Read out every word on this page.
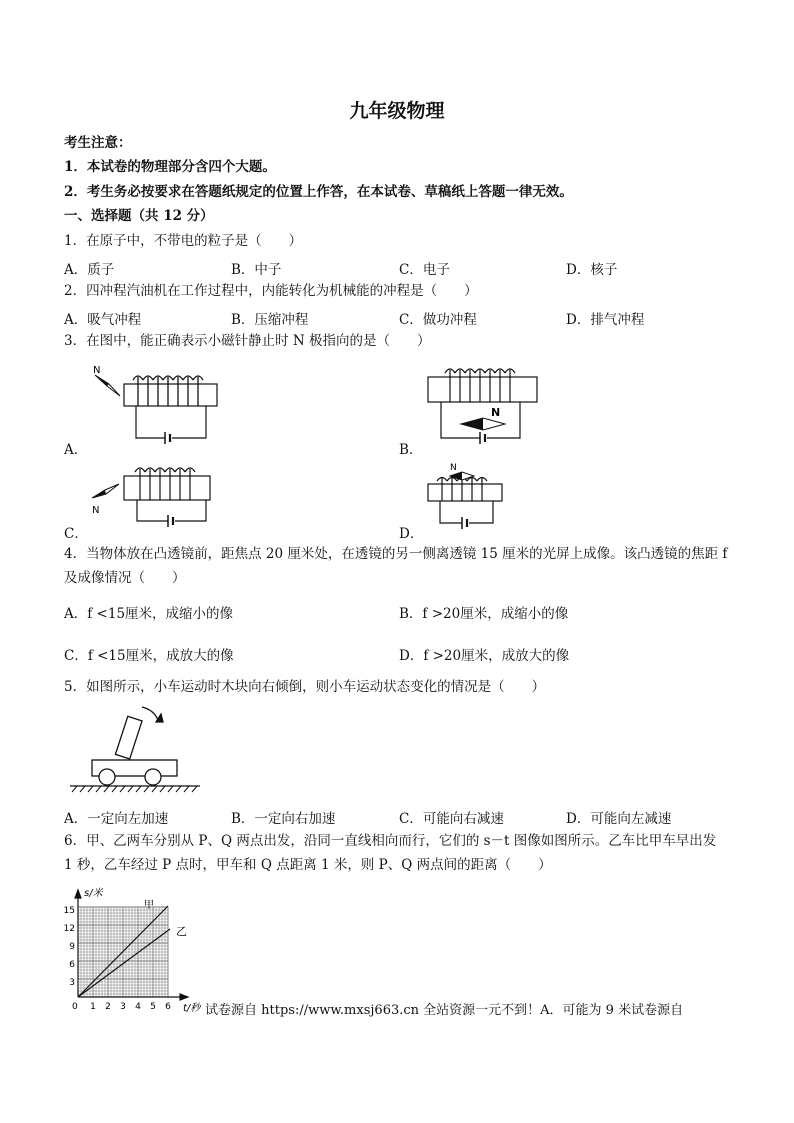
九年级物理
考生注意：
1．本试卷的物理部分含四个大题。
2．考生务必按要求在答题纸规定的位置上作答，在本试卷、草稿纸上答题一律无效。
一、选择题（共 12 分）
1．在原子中，不带电的粒子是（　　）
A．质子	B．中子	C．电子	D．核子
2．四冲程汽油机在工作过程中，内能转化为机械能的冲程是（　　）
A．吸气冲程	B．压缩冲程	C．做功冲程	D．排气冲程
3．在图中，能正确表示小磁针静止时 N 极指向的是（　　）
N
N
N
N
A．	B．
C．	D．
4．当物体放在凸透镜前，距焦点 20 厘米处，在透镜的另一侧离透镜 15 厘米的光屏上成像。该凸透镜的焦距 f
及成像情况（　　）
A．f <15厘米，成缩小的像	B．f >20厘米，成缩小的像
C．f <15厘米，成放大的像	D．f >20厘米，成放大的像
5．如图所示，小车运动时木块向右倾倒，则小车运动状态变化的情况是（　　）
A．一定向左加速	B．一定向右加速	C．可能向右减速	D．可能向左减速
6．甲、乙两车分别从 P、Q 两点出发，沿同一直线相向而行，它们的 s－t 图像如图所示。乙车比甲车早出发
1 秒，乙车经过 P 点时，甲车和 Q 点距离 1 米，则 P、Q 两点间的距离（　　）
s/米
t/秒
0
3
6
9
12
15
1 2 3 4 5 6
甲
乙
试卷源自 https://www.mxsj663.cn 全站资源一元不到！A．可能为 9 米试卷源自
